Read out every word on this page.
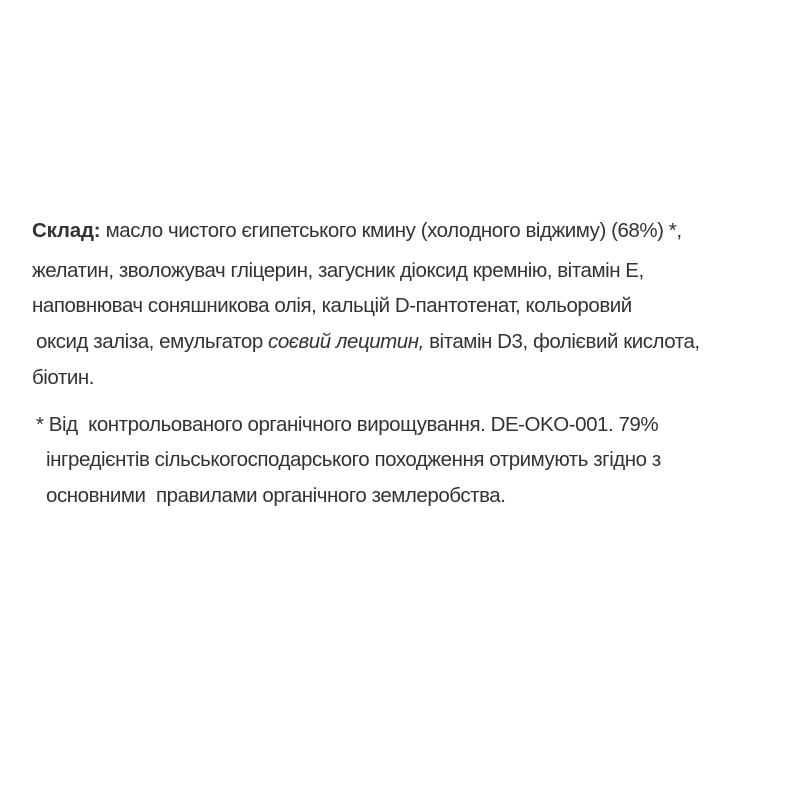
Склад: масло чистого єгипетського кмину (холодного віджиму) (68%) *,
желатин, зволожувач гліцерин, загусник діоксид кремнію, вітамін Е,
наповнювач соняшникова олія, кальцій D-пантотенат, кольоровий
оксид заліза, емульгатор соєвий лецитин, вітамін D3, фолієвий кислота,
біотин.
* Від  контрольованого органічного вирощування. DE-OKO-001. 79%
інгредієнтів сільськогосподарського походження отримують згідно з
основними  правилами органічного землеробства.
